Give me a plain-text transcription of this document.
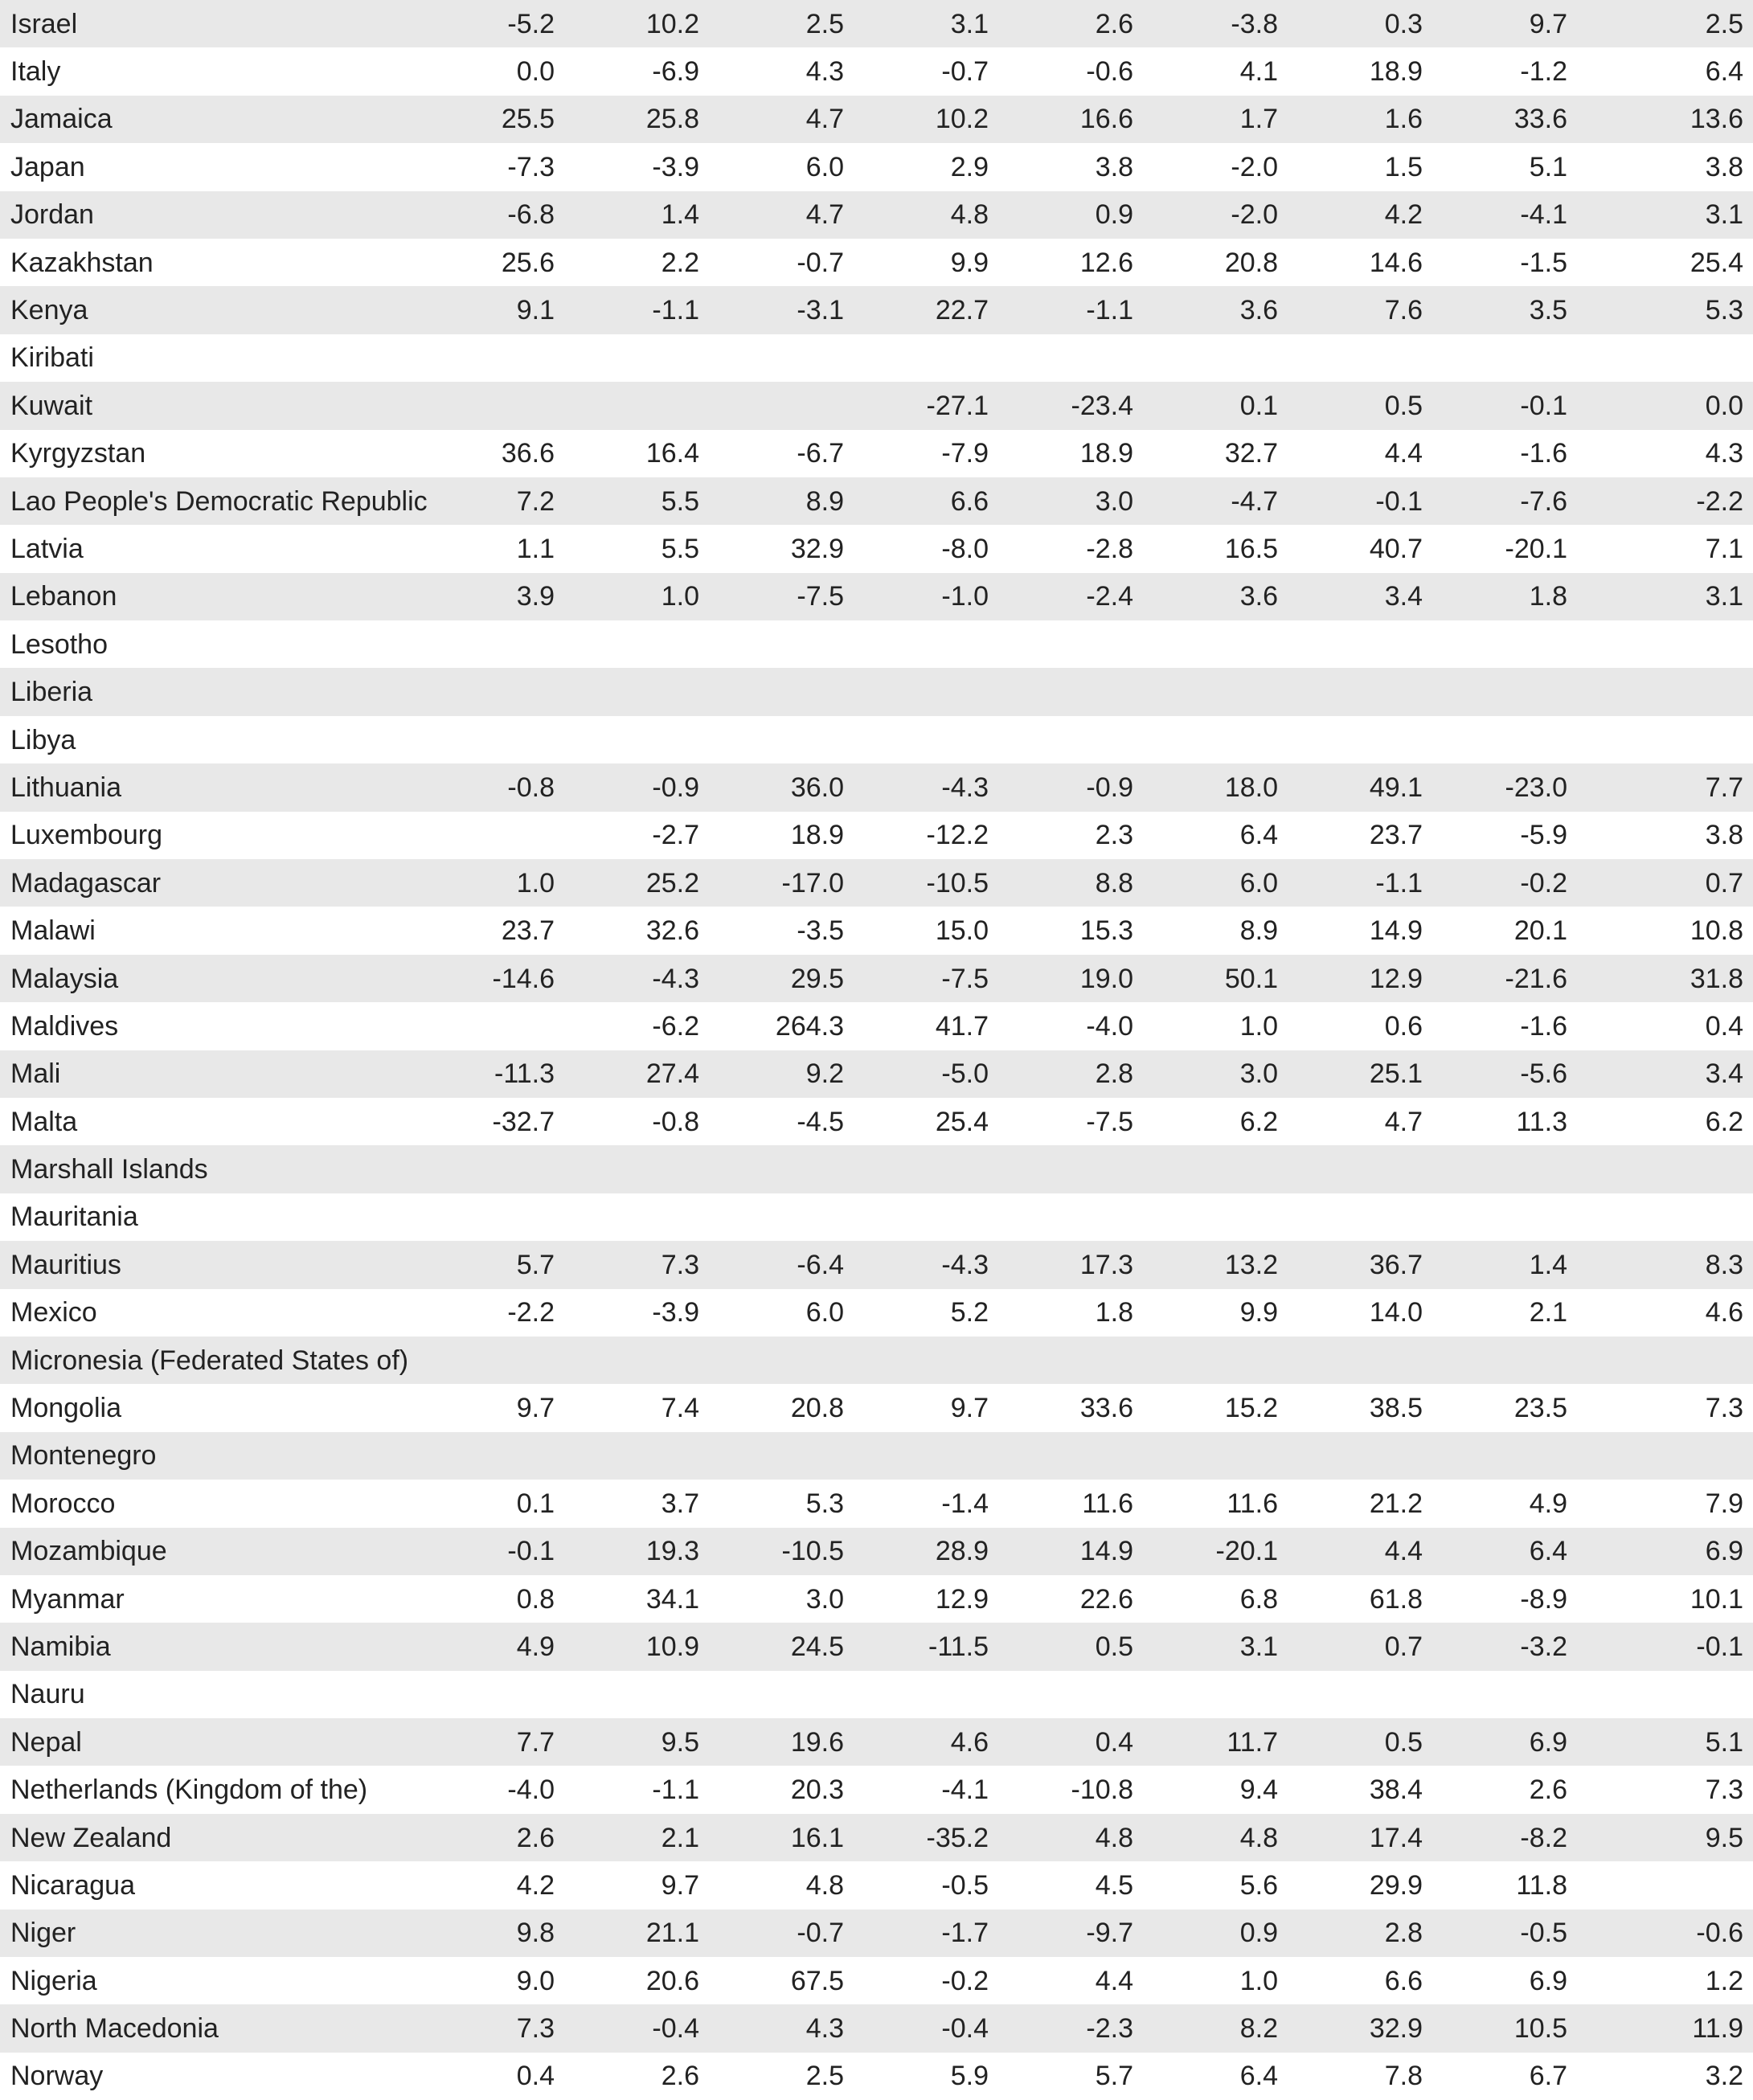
Israel	-5.2	10.2	2.5	3.1	2.6	-3.8	0.3	9.7	2.5
Italy	0.0	-6.9	4.3	-0.7	-0.6	4.1	18.9	-1.2	6.4
Jamaica	25.5	25.8	4.7	10.2	16.6	1.7	1.6	33.6	13.6
Japan	-7.3	-3.9	6.0	2.9	3.8	-2.0	1.5	5.1	3.8
Jordan	-6.8	1.4	4.7	4.8	0.9	-2.0	4.2	-4.1	3.1
Kazakhstan	25.6	2.2	-0.7	9.9	12.6	20.8	14.6	-1.5	25.4
Kenya	9.1	-1.1	-3.1	22.7	-1.1	3.6	7.6	3.5	5.3
Kiribati									
Kuwait				-27.1	-23.4	0.1	0.5	-0.1	0.0
Kyrgyzstan	36.6	16.4	-6.7	-7.9	18.9	32.7	4.4	-1.6	4.3
Lao People's Democratic Republic	7.2	5.5	8.9	6.6	3.0	-4.7	-0.1	-7.6	-2.2
Latvia	1.1	5.5	32.9	-8.0	-2.8	16.5	40.7	-20.1	7.1
Lebanon	3.9	1.0	-7.5	-1.0	-2.4	3.6	3.4	1.8	3.1
Lesotho									
Liberia									
Libya									
Lithuania	-0.8	-0.9	36.0	-4.3	-0.9	18.0	49.1	-23.0	7.7
Luxembourg		-2.7	18.9	-12.2	2.3	6.4	23.7	-5.9	3.8
Madagascar	1.0	25.2	-17.0	-10.5	8.8	6.0	-1.1	-0.2	0.7
Malawi	23.7	32.6	-3.5	15.0	15.3	8.9	14.9	20.1	10.8
Malaysia	-14.6	-4.3	29.5	-7.5	19.0	50.1	12.9	-21.6	31.8
Maldives		-6.2	264.3	41.7	-4.0	1.0	0.6	-1.6	0.4
Mali	-11.3	27.4	9.2	-5.0	2.8	3.0	25.1	-5.6	3.4
Malta	-32.7	-0.8	-4.5	25.4	-7.5	6.2	4.7	11.3	6.2
Marshall Islands									
Mauritania									
Mauritius	5.7	7.3	-6.4	-4.3	17.3	13.2	36.7	1.4	8.3
Mexico	-2.2	-3.9	6.0	5.2	1.8	9.9	14.0	2.1	4.6
Micronesia (Federated States of)									
Mongolia	9.7	7.4	20.8	9.7	33.6	15.2	38.5	23.5	7.3
Montenegro									
Morocco	0.1	3.7	5.3	-1.4	11.6	11.6	21.2	4.9	7.9
Mozambique	-0.1	19.3	-10.5	28.9	14.9	-20.1	4.4	6.4	6.9
Myanmar	0.8	34.1	3.0	12.9	22.6	6.8	61.8	-8.9	10.1
Namibia	4.9	10.9	24.5	-11.5	0.5	3.1	0.7	-3.2	-0.1
Nauru									
Nepal	7.7	9.5	19.6	4.6	0.4	11.7	0.5	6.9	5.1
Netherlands (Kingdom of the)	-4.0	-1.1	20.3	-4.1	-10.8	9.4	38.4	2.6	7.3
New Zealand	2.6	2.1	16.1	-35.2	4.8	4.8	17.4	-8.2	9.5
Nicaragua	4.2	9.7	4.8	-0.5	4.5	5.6	29.9	11.8	
Niger	9.8	21.1	-0.7	-1.7	-9.7	0.9	2.8	-0.5	-0.6
Nigeria	9.0	20.6	67.5	-0.2	4.4	1.0	6.6	6.9	1.2
North Macedonia	7.3	-0.4	4.3	-0.4	-2.3	8.2	32.9	10.5	11.9
Norway	0.4	2.6	2.5	5.9	5.7	6.4	7.8	6.7	3.2
